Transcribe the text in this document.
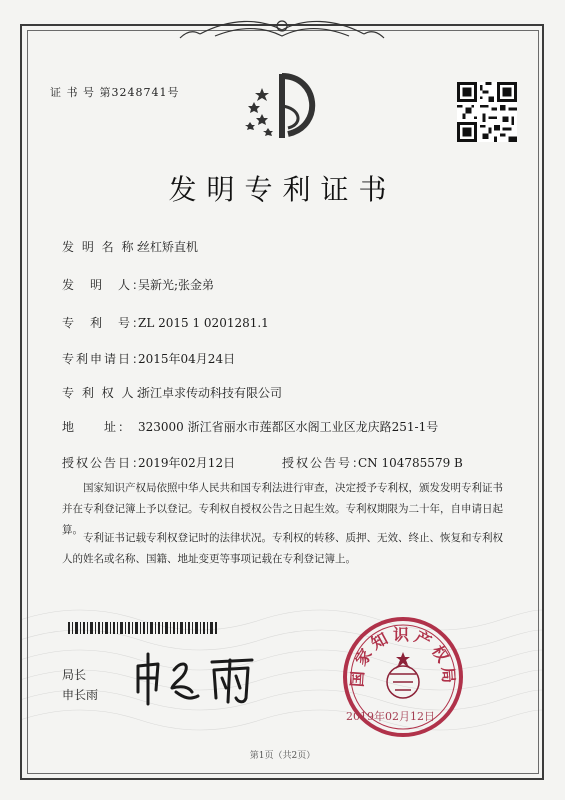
证 书 号 第3248741号
发明专利证书
发 明 名 称：丝杠矫直机
发　明　人：吴新光;张金弟
专　利　号：ZL 2015 1 0201281.1
专利申请日：2015年04月24日
专 利 权 人：浙江卓求传动科技有限公司
地　　址： 323000 浙江省丽水市莲都区水阁工业区龙庆路251-1号
授权公告日：2019年02月12日	授权公告号：CN 104785579 B
国家知识产权局依照中华人民共和国专利法进行审查，决定授予专利权，颁发发明专利证书并在专利登记簿上予以登记。专利权自授权公告之日起生效。专利权期限为二十年，自申请日起算。
专利证书记载专利权登记时的法律状况。专利权的转移、质押、无效、终止、恢复和专利权人的姓名或名称、国籍、地址变更等事项记载在专利登记簿上。
局长
申长雨
国家知识产权局
2019年02月12日
第1页（共2页）
